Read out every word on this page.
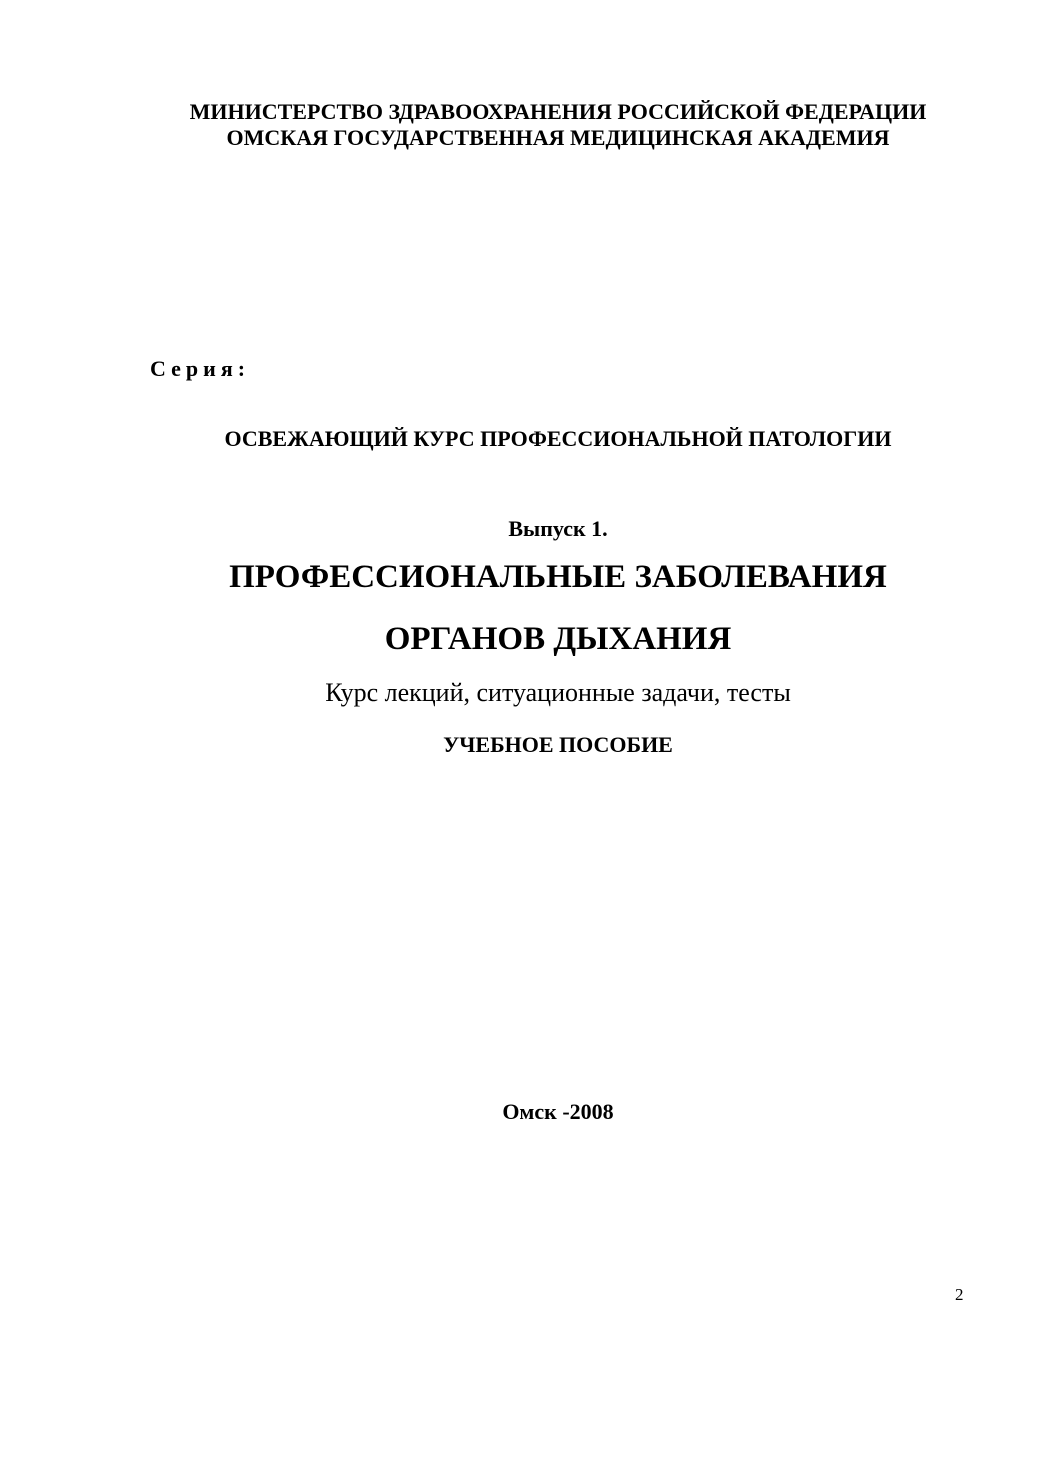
МИНИСТЕРСТВО ЗДРАВООХРАНЕНИЯ РОССИЙСКОЙ ФЕДЕРАЦИИ
ОМСКАЯ ГОСУДАРСТВЕННАЯ МЕДИЦИНСКАЯ АКАДЕМИЯ
Серия:
ОСВЕЖАЮЩИЙ КУРС ПРОФЕССИОНАЛЬНОЙ ПАТОЛОГИИ
Выпуск 1.
ПРОФЕССИОНАЛЬНЫЕ ЗАБОЛЕВАНИЯ
ОРГАНОВ ДЫХАНИЯ
Курс лекций, ситуационные задачи, тесты
УЧЕБНОЕ ПОСОБИЕ
Омск -2008
2
